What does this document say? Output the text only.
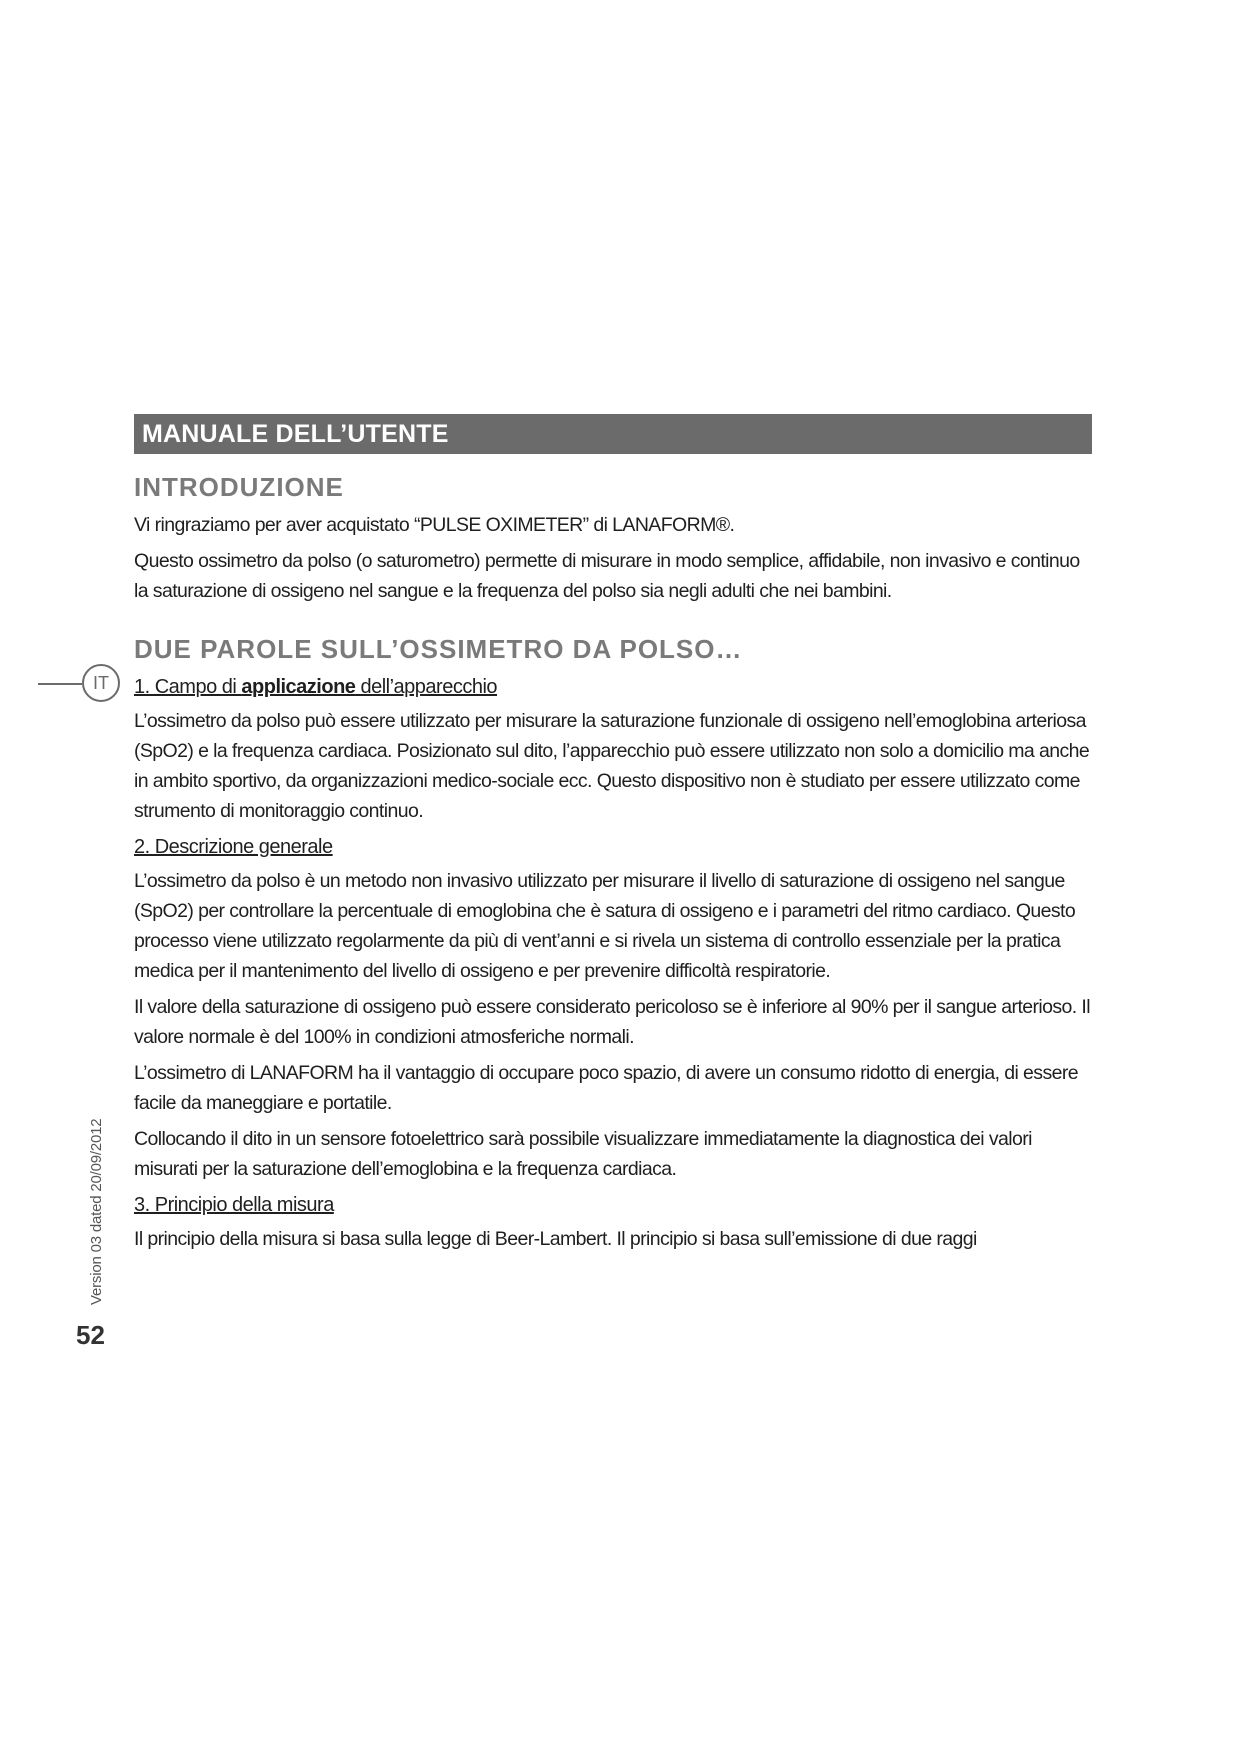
MANUALE DELL’UTENTE
IT
Version 03 dated 20/09/2012
52
INTRODUZIONE

Vi ringraziamo per aver acquistato “PULSE OXIMETER” di LANAFORM®.

Questo ossimetro da polso (o saturometro) permette di misurare in modo semplice, affidabile, non invasivo e continuo la saturazione di ossigeno nel sangue e la frequenza del polso sia negli adulti che nei bambini.

DUE PAROLE SULL’OSSIMETRO DA POLSO…
1. Campo di applicazione dell’apparecchio

L’ossimetro da polso può essere utilizzato per misurare la saturazione funzionale di ossigeno nell’emoglobina arteriosa (SpO2) e la frequenza cardiaca. Posizionato sul dito, l’apparecchio può essere utilizzato non solo a domicilio ma anche in ambito sportivo, da organizzazioni medico-sociale ecc. Questo dispositivo non è studiato per essere utilizzato come strumento di monitoraggio continuo.

2. Descrizione generale

L’ossimetro da polso è un metodo non invasivo utilizzato per misurare il livello di saturazione di ossigeno nel sangue (SpO2) per controllare la percentuale di emoglobina che è satura di ossigeno e i parametri del ritmo cardiaco. Questo processo viene utilizzato regolarmente da più di vent’anni e si rivela un sistema di controllo essenziale per la pratica medica per il mantenimento del livello di ossigeno e per prevenire difficoltà respiratorie.

Il valore della saturazione di ossigeno può essere considerato pericoloso se è inferiore al 90% per il sangue arterioso. Il valore normale è del 100% in condizioni atmosferiche normali.

L’ossimetro di LANAFORM ha il vantaggio di occupare poco spazio, di avere un consumo ridotto di energia, di essere facile da maneggiare e portatile.

Collocando il dito in un sensore fotoelettrico sarà possibile visualizzare immediatamente la diagnostica dei valori misurati per la saturazione dell’emoglobina e la frequenza cardiaca.

3. Principio della misura

Il principio della misura si basa sulla legge di Beer-Lambert. Il principio si basa sull’emissione di due raggi
